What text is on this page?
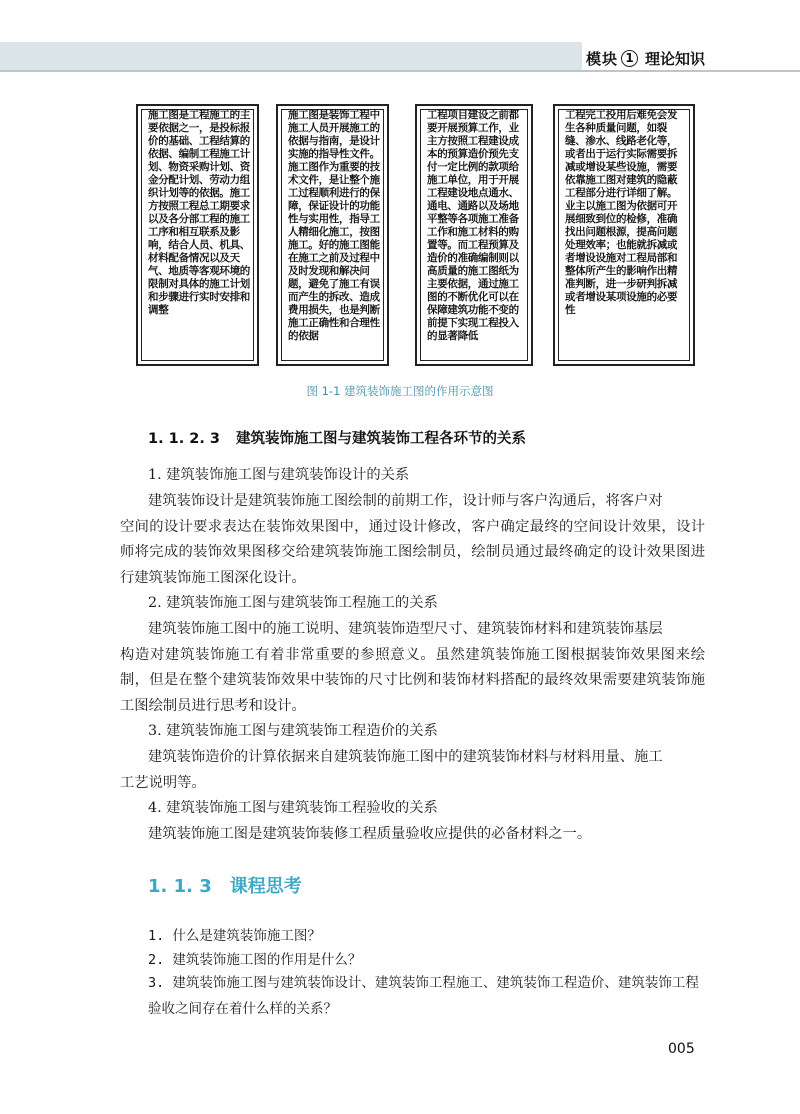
模 块 1 理论知识

施工图是工程施工的主要依据之一，是投标报价的基础、工程结算的依据、编制工程施工计划、物资采购计划、资金分配计划、劳动力组织计划等的依据。施工方按照工程总工期要求以及各分部工程的施工工序和相互联系及影响，结合人员、机具、材料配备情况以及天气、地质等客观环境的限制对具体的施工计划和步骤进行实时安排和调整

施工图是装饰工程中施工人员开展施工的依据与指南，是设计实施的指导性文件。施工图作为重要的技术文件，是让整个施工过程顺利进行的保障，保证设计的功能性与实用性，指导工人精细化施工，按图施工。好的施工图能在施工之前及过程中及时发现和解决问题，避免了施工有误而产生的拆改、造成费用损失，也是判断施工正确性和合理性的依据

工程项目建设之前都要开展预算工作，业主方按照工程建设成本的预算造价预先支付一定比例的款项给施工单位，用于开展工程建设地点通水、通电、通路以及场地平整等各项施工准备工作和施工材料的购置等。而工程预算及造价的准确编制则以高质量的施工图纸为主要依据，通过施工图的不断优化可以在保障建筑功能不变的前提下实现工程投入的显著降低

工程完工投用后难免会发生各种质量问题，如裂缝、渗水、线路老化等，或者出于运行实际需要拆减或增设某些设施，需要依靠施工图对建筑的隐蔽工程部分进行详细了解。业主以施工图为依据可开展细致到位的检修，准确找出问题根源，提高问题处理效率；也能就拆减或者增设设施对工程局部和整体所产生的影响作出精准判断，进一步研判拆减或者增设某项设施的必要性

图 1-1 建筑装饰施工图的作用示意图
1. 1. 2. 3 建筑装饰施工图与建筑装饰工程各环节的关系
1. 建筑装饰施工图与建筑装饰设计的关系
建筑装饰设计是建筑装饰施工图绘制的前期工作，设计师与客户沟通后，将客户对
空间的设计要求表达在装饰效果图中，通过设计修改，客户确定最终的空间设计效果，设计师将完成的装饰效果图移交给建筑装饰施工图绘制员，绘制员通过最终确定的设计效果图进行建筑装饰施工图深化设计。
2. 建筑装饰施工图与建筑装饰工程施工的关系
建筑装饰施工图中的施工说明、建筑装饰造型尺寸、建筑装饰材料和建筑装饰基层
构造对建筑装饰施工有着非常重要的参照意义。虽然建筑装饰施工图根据装饰效果图来绘制，但是在整个建筑装饰效果中装饰的尺寸比例和装饰材料搭配的最终效果需要建筑装饰施工图绘制员进行思考和设计。
3. 建筑装饰施工图与建筑装饰工程造价的关系
建筑装饰造价的计算依据来自建筑装饰施工图中的建筑装饰材料与材料用量、施工
工艺说明等。
4. 建筑装饰施工图与建筑装饰工程验收的关系
建筑装饰施工图是建筑装饰装修工程质量验收应提供的必备材料之一。
1. 1. 3 课程思考
1. 什么是建筑装饰施工图？
2. 建筑装饰施工图的作用是什么？
3. 建筑装饰施工图与建筑装饰设计、建筑装饰工程施工、建筑装饰工程造价、建筑装饰工程验收之间存在着什么样的关系？
005
